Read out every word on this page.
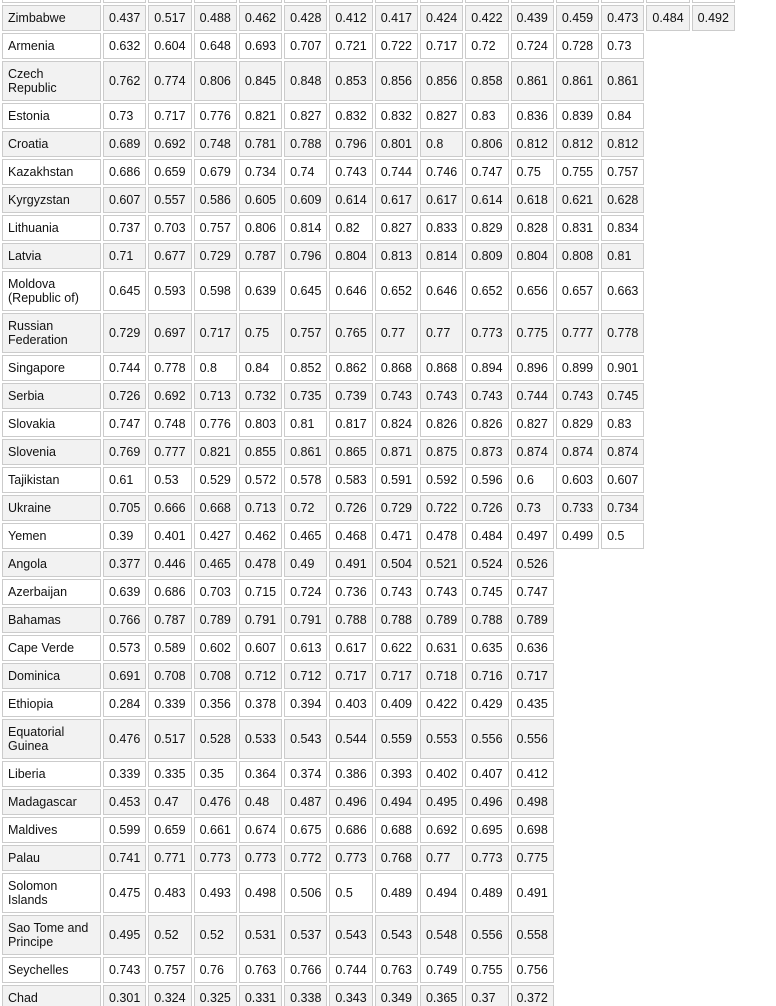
Zimbabwe	0.437	0.517	0.488	0.462	0.428	0.412	0.417	0.424	0.422	0.439	0.459	0.473	0.484	0.492
Armenia	0.632	0.604	0.648	0.693	0.707	0.721	0.722	0.717	0.72	0.724	0.728	0.73		
Czech Republic	0.762	0.774	0.806	0.845	0.848	0.853	0.856	0.856	0.858	0.861	0.861	0.861		
Estonia	0.73	0.717	0.776	0.821	0.827	0.832	0.832	0.827	0.83	0.836	0.839	0.84		
Croatia	0.689	0.692	0.748	0.781	0.788	0.796	0.801	0.8	0.806	0.812	0.812	0.812		
Kazakhstan	0.686	0.659	0.679	0.734	0.74	0.743	0.744	0.746	0.747	0.75	0.755	0.757		
Kyrgyzstan	0.607	0.557	0.586	0.605	0.609	0.614	0.617	0.617	0.614	0.618	0.621	0.628		
Lithuania	0.737	0.703	0.757	0.806	0.814	0.82	0.827	0.833	0.829	0.828	0.831	0.834		
Latvia	0.71	0.677	0.729	0.787	0.796	0.804	0.813	0.814	0.809	0.804	0.808	0.81		
Moldova (Republic of)	0.645	0.593	0.598	0.639	0.645	0.646	0.652	0.646	0.652	0.656	0.657	0.663		
Russian Federation	0.729	0.697	0.717	0.75	0.757	0.765	0.77	0.77	0.773	0.775	0.777	0.778		
Singapore	0.744	0.778	0.8	0.84	0.852	0.862	0.868	0.868	0.894	0.896	0.899	0.901		
Serbia	0.726	0.692	0.713	0.732	0.735	0.739	0.743	0.743	0.743	0.744	0.743	0.745		
Slovakia	0.747	0.748	0.776	0.803	0.81	0.817	0.824	0.826	0.826	0.827	0.829	0.83		
Slovenia	0.769	0.777	0.821	0.855	0.861	0.865	0.871	0.875	0.873	0.874	0.874	0.874		
Tajikistan	0.61	0.53	0.529	0.572	0.578	0.583	0.591	0.592	0.596	0.6	0.603	0.607		
Ukraine	0.705	0.666	0.668	0.713	0.72	0.726	0.729	0.722	0.726	0.73	0.733	0.734		
Yemen	0.39	0.401	0.427	0.462	0.465	0.468	0.471	0.478	0.484	0.497	0.499	0.5		
Angola	0.377	0.446	0.465	0.478	0.49	0.491	0.504	0.521	0.524	0.526				
Azerbaijan	0.639	0.686	0.703	0.715	0.724	0.736	0.743	0.743	0.745	0.747				
Bahamas	0.766	0.787	0.789	0.791	0.791	0.788	0.788	0.789	0.788	0.789				
Cape Verde	0.573	0.589	0.602	0.607	0.613	0.617	0.622	0.631	0.635	0.636				
Dominica	0.691	0.708	0.708	0.712	0.712	0.717	0.717	0.718	0.716	0.717				
Ethiopia	0.284	0.339	0.356	0.378	0.394	0.403	0.409	0.422	0.429	0.435				
Equatorial Guinea	0.476	0.517	0.528	0.533	0.543	0.544	0.559	0.553	0.556	0.556				
Liberia	0.339	0.335	0.35	0.364	0.374	0.386	0.393	0.402	0.407	0.412				
Madagascar	0.453	0.47	0.476	0.48	0.487	0.496	0.494	0.495	0.496	0.498				
Maldives	0.599	0.659	0.661	0.674	0.675	0.686	0.688	0.692	0.695	0.698				
Palau	0.741	0.771	0.773	0.773	0.772	0.773	0.768	0.77	0.773	0.775				
Solomon Islands	0.475	0.483	0.493	0.498	0.506	0.5	0.489	0.494	0.489	0.491				
Sao Tome and Principe	0.495	0.52	0.52	0.531	0.537	0.543	0.543	0.548	0.556	0.558				
Seychelles	0.743	0.757	0.76	0.763	0.766	0.744	0.763	0.749	0.755	0.756				
Chad	0.301	0.324	0.325	0.331	0.338	0.343	0.349	0.365	0.37	0.372				
